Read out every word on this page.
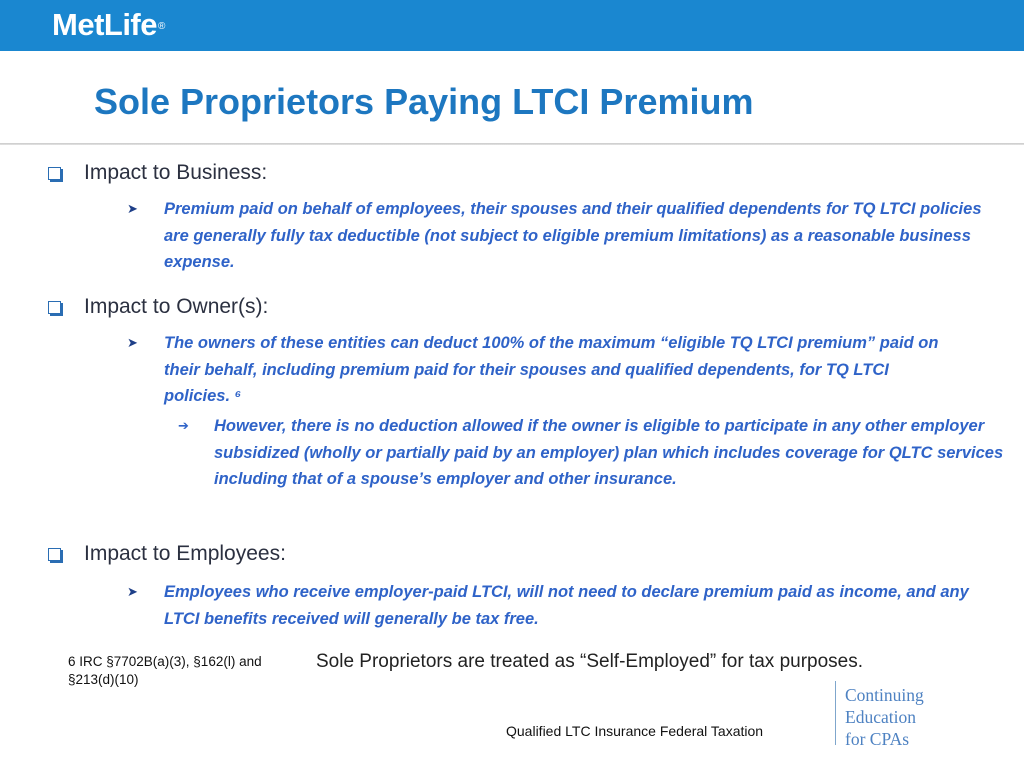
MetLife®
Sole Proprietors Paying LTCI Premium
Impact to Business:
➤ Premium paid on behalf of employees, their spouses and their qualified dependents for TQ LTCI policies are generally fully tax deductible (not subject to eligible premium limitations) as a reasonable business expense.
Impact to Owner(s):
➤ The owners of these entities can deduct 100% of the maximum “eligible TQ LTCI premium” paid on their behalf, including premium paid for their spouses and qualified dependents, for TQ LTCI policies. ⁶
➔ However, there is no deduction allowed if the owner is eligible to participate in any other employer subsidized (wholly or partially paid by an employer) plan which includes coverage for QLTC services including that of a spouse’s employer and other insurance.
Impact to Employees:
➤ Employees who receive employer-paid LTCI, will not need to declare premium paid as income, and any LTCI benefits received will generally be tax free.
6 IRC §7702B(a)(3), §162(l) and §213(d)(10)
Sole Proprietors are treated as “Self-Employed” for tax purposes.
Qualified LTC Insurance Federal Taxation
Continuing
Education
for CPAs
